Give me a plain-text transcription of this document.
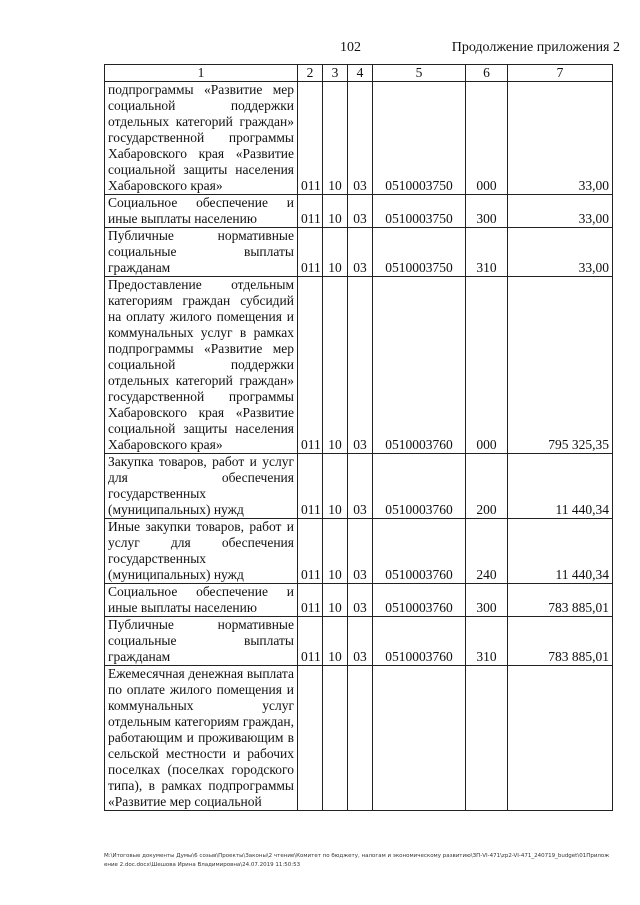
102	Продолжение приложения 2
1	2	3	4	5	6	7
подпрограммы «Развитие мер социальной поддержки отдельных категорий граждан» государственной программы Хабаровского края «Развитие социальной защиты населения Хабаровского края»	011	10	03	0510003750	000	33,00
Социальное обеспечение и иные выплаты населению	011	10	03	0510003750	300	33,00
Публичные нормативные социальные выплаты гражданам	011	10	03	0510003750	310	33,00
Предоставление отдельным категориям граждан субсидий на оплату жилого помещения и коммунальных услуг в рамках подпрограммы «Развитие мер социальной поддержки отдельных категорий граждан» государственной программы Хабаровского края «Развитие социальной защиты населения Хабаровского края»	011	10	03	0510003760	000	795 325,35
Закупка товаров, работ и услуг для обеспечения государственных (муниципальных) нужд	011	10	03	0510003760	200	11 440,34
Иные закупки товаров, работ и услуг для обеспечения государственных (муниципальных) нужд	011	10	03	0510003760	240	11 440,34
Социальное обеспечение и иные выплаты населению	011	10	03	0510003760	300	783 885,01
Публичные нормативные социальные выплаты гражданам	011	10	03	0510003760	310	783 885,01
Ежемесячная денежная выплата по оплате жилого помещения и коммунальных услуг отдельным категориям граждан, работающим и проживающим в сельской местности и рабочих поселках (поселках городского типа), в рамках подпрограммы «Развитие мер социальной						
M:\Итоговые документы Думы\6 созыв\Проекты\Законы\2 чтение\Комитет по бюджету, налогам и экономическому развитию\ЗП-VI-471\zp2-VI-471_240719_budget\01Приложение 2.doc.docx\Шешова Ирина Владимировна\24.07.2019 11:50:53
